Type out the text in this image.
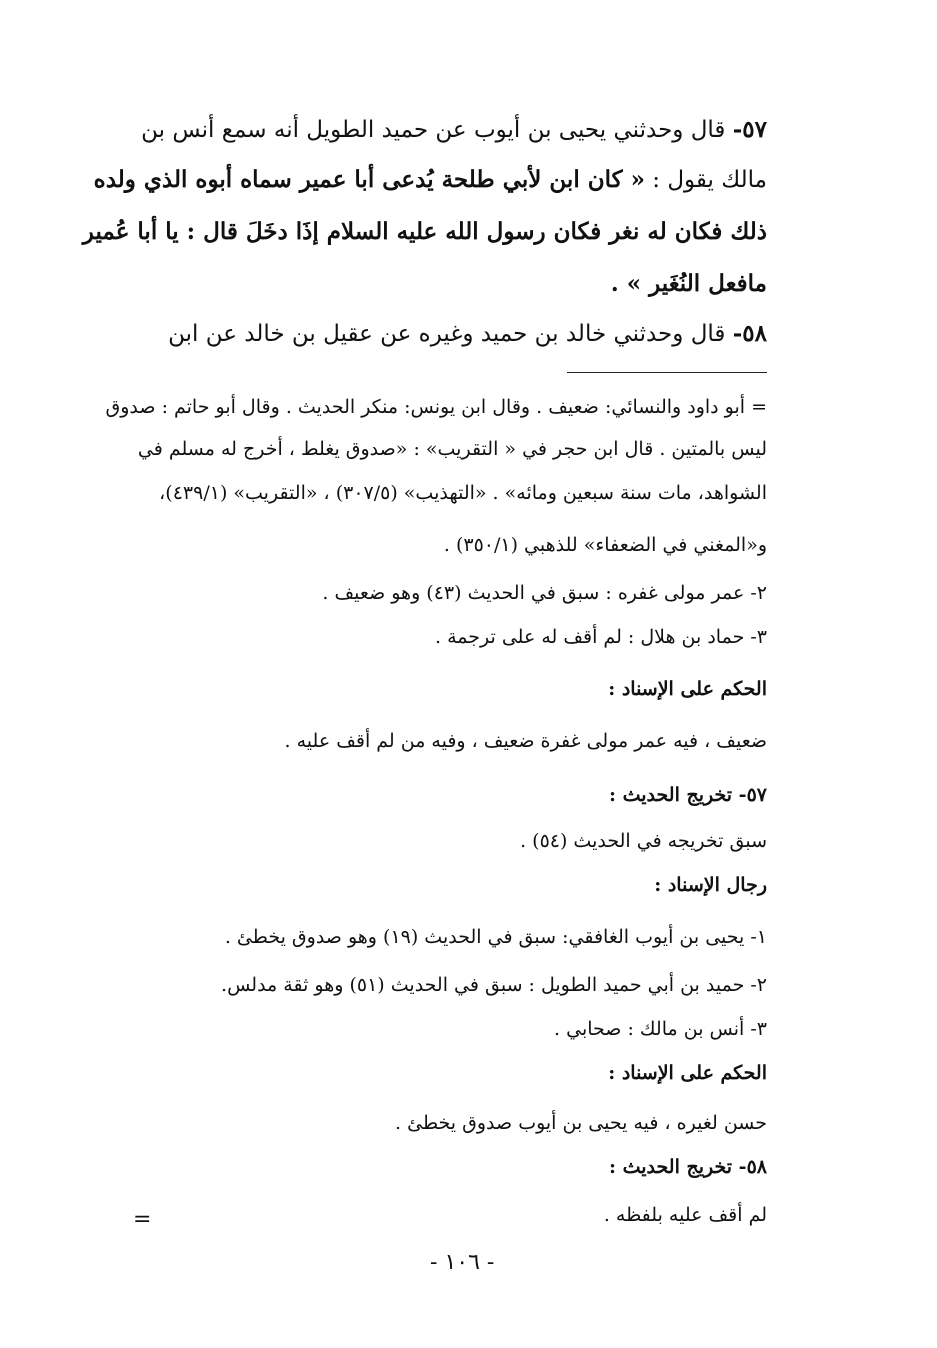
٥٧- قال وحدثني يحيى بن أيوب عن حميد الطويل أنه سمع أنس بن
مالك يقول : « كان ابن لأبي طلحة يُدعى أبا عمير سماه أبوه الذي ولده
ذلك فكان له نغر فكان رسول الله عليه السلام إذَا دخَلَ قال : يا أبا عُمير
مافعل النُغَير » .
٥٨- قال وحدثني خالد بن حميد وغيره عن عقيل بن خالد عن ابن
= أبو داود والنسائي: ضعيف . وقال ابن يونس: منكر الحديث . وقال أبو حاتم : صدوق
ليس بالمتين . قال ابن حجر في « التقريب» : «صدوق يغلط ، أخرج له مسلم في
الشواهد، مات سنة سبعين ومائه» . «التهذيب» (٣٠٧/٥) ، «التقريب» (٤٣٩/١)،
و«المغني في الضعفاء» للذهبي (٣٥٠/١) .
٢- عمر مولى غفره : سبق في الحديث (٤٣) وهو ضعيف .
٣- حماد بن هلال : لم أقف له على ترجمة .
الحكم على الإسناد :
ضعيف ، فيه عمر مولى غفرة ضعيف ، وفيه من لم أقف عليه .
٥٧- تخريج الحديث :
سبق تخريجه في الحديث (٥٤) .
رجال الإسناد :
١- يحيى بن أيوب الغافقي: سبق في الحديث (١٩) وهو صدوق يخطئ .
٢- حميد بن أبي حميد الطويل : سبق في الحديث (٥١) وهو ثقة مدلس.
٣- أنس بن مالك : صحابي .
الحكم على الإسناد :
حسن لغيره ، فيه يحيى بن أيوب صدوق يخطئ .
٥٨- تخريج الحديث :
لم أقف عليه بلفظه .
=
- ١٠٦ -
